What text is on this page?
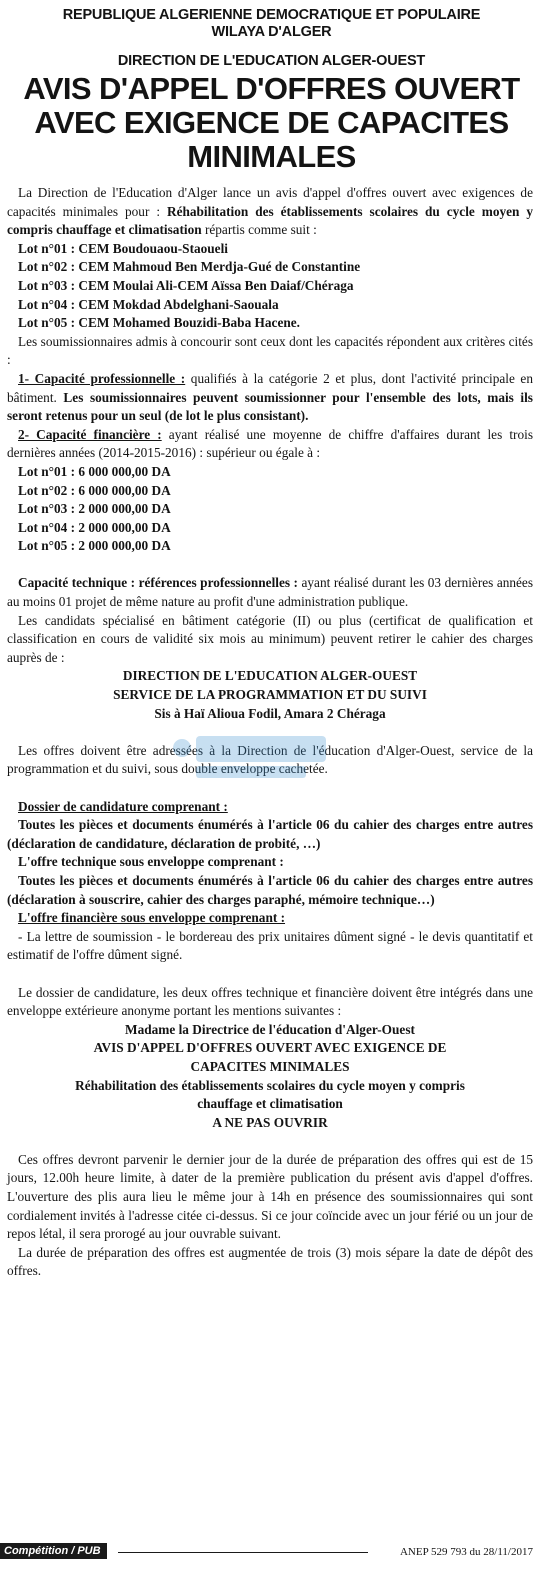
REPUBLIQUE ALGERIENNE DEMOCRATIQUE ET POPULAIRE
WILAYA D'ALGER
DIRECTION DE L'EDUCATION ALGER-OUEST
AVIS D'APPEL D'OFFRES OUVERT
AVEC EXIGENCE DE CAPACITES
MINIMALES

La Direction de l'Education d'Alger lance un avis d'appel d'offres ouvert avec exigences de capacités minimales pour : Réhabilitation des établissements scolaires du cycle moyen y compris chauffage et climatisation répartis comme suit :

Lot n°01 : CEM Boudouaou-Staoueli
Lot n°02 : CEM Mahmoud Ben Merdja-Gué de Constantine
Lot n°03 : CEM Moulai Ali-CEM Aïssa Ben Daiaf/Chéraga
Lot n°04 : CEM Mokdad Abdelghani-Saouala
Lot n°05 : CEM Mohamed Bouzidi-Baba Hacene.

Les soumissionnaires admis à concourir sont ceux dont les capacités répondent aux critères cités :

1- Capacité professionnelle : qualifiés à la catégorie 2 et plus, dont l'activité principale en bâtiment. Les soumissionnaires peuvent soumissionner pour l'ensemble des lots, mais ils seront retenus pour un seul (de lot le plus consistant).

2- Capacité financière : ayant réalisé une moyenne de chiffre d'affaires durant les trois dernières années (2014-2015-2016) : supérieur ou égale à :

Lot n°01 : 6 000 000,00 DA
Lot n°02 : 6 000 000,00 DA
Lot n°03 : 2 000 000,00 DA
Lot n°04 : 2 000 000,00 DA
Lot n°05 : 2 000 000,00 DA

Capacité technique : références professionnelles : ayant réalisé durant les 03 dernières années au moins 01 projet de même nature au profit d'une administration publique.

Les candidats spécialisé en bâtiment catégorie (II) ou plus (certificat de qualification et classification en cours de validité six mois au minimum) peuvent retirer le cahier des charges auprès de :

DIRECTION DE L'EDUCATION ALGER-OUEST
SERVICE DE LA PROGRAMMATION ET DU SUIVI
Sis à Haï Alioua Fodil, Amara 2 Chéraga

Les offres doivent être adressées à la Direction de l'éducation d'Alger-Ouest, service de la programmation et du suivi, sous double enveloppe cachetée.

Dossier de candidature comprenant :

Toutes les pièces et documents énumérés à l'article 06 du cahier des charges entre autres (déclaration de candidature, déclaration de probité, …)

L'offre technique sous enveloppe comprenant :

Toutes les pièces et documents énumérés à l'article 06 du cahier des charges entre autres (déclaration à souscrire, cahier des charges paraphé, mémoire technique…)

L'offre financière sous enveloppe comprenant :

- La lettre de soumission - le bordereau des prix unitaires dûment signé - le devis quantitatif et estimatif de l'offre dûment signé.

Le dossier de candidature, les deux offres technique et financière doivent être intégrés dans une enveloppe extérieure anonyme portant les mentions suivantes :

Madame la Directrice de l'éducation d'Alger-Ouest
AVIS D'APPEL D'OFFRES OUVERT AVEC EXIGENCE DE
CAPACITES MINIMALES
Réhabilitation des établissements scolaires du cycle moyen y compris
chauffage et climatisation
A NE PAS OUVRIR

Ces offres devront parvenir le dernier jour de la durée de préparation des offres qui est de 15 jours, 12.00h heure limite, à dater de la première publication du présent avis d'appel d'offres. L'ouverture des plis aura lieu le même jour à 14h en présence des soumissionnaires qui sont cordialement invités à l'adresse citée ci-dessus. Si ce jour coïncide avec un jour férié ou un jour de repos létal, il sera prorogé au jour ouvrable suivant.

La durée de préparation des offres est augmentée de trois (3) mois sépare la date de dépôt des offres.

Compétition / PUB	ANEP 529 793 du 28/11/2017
